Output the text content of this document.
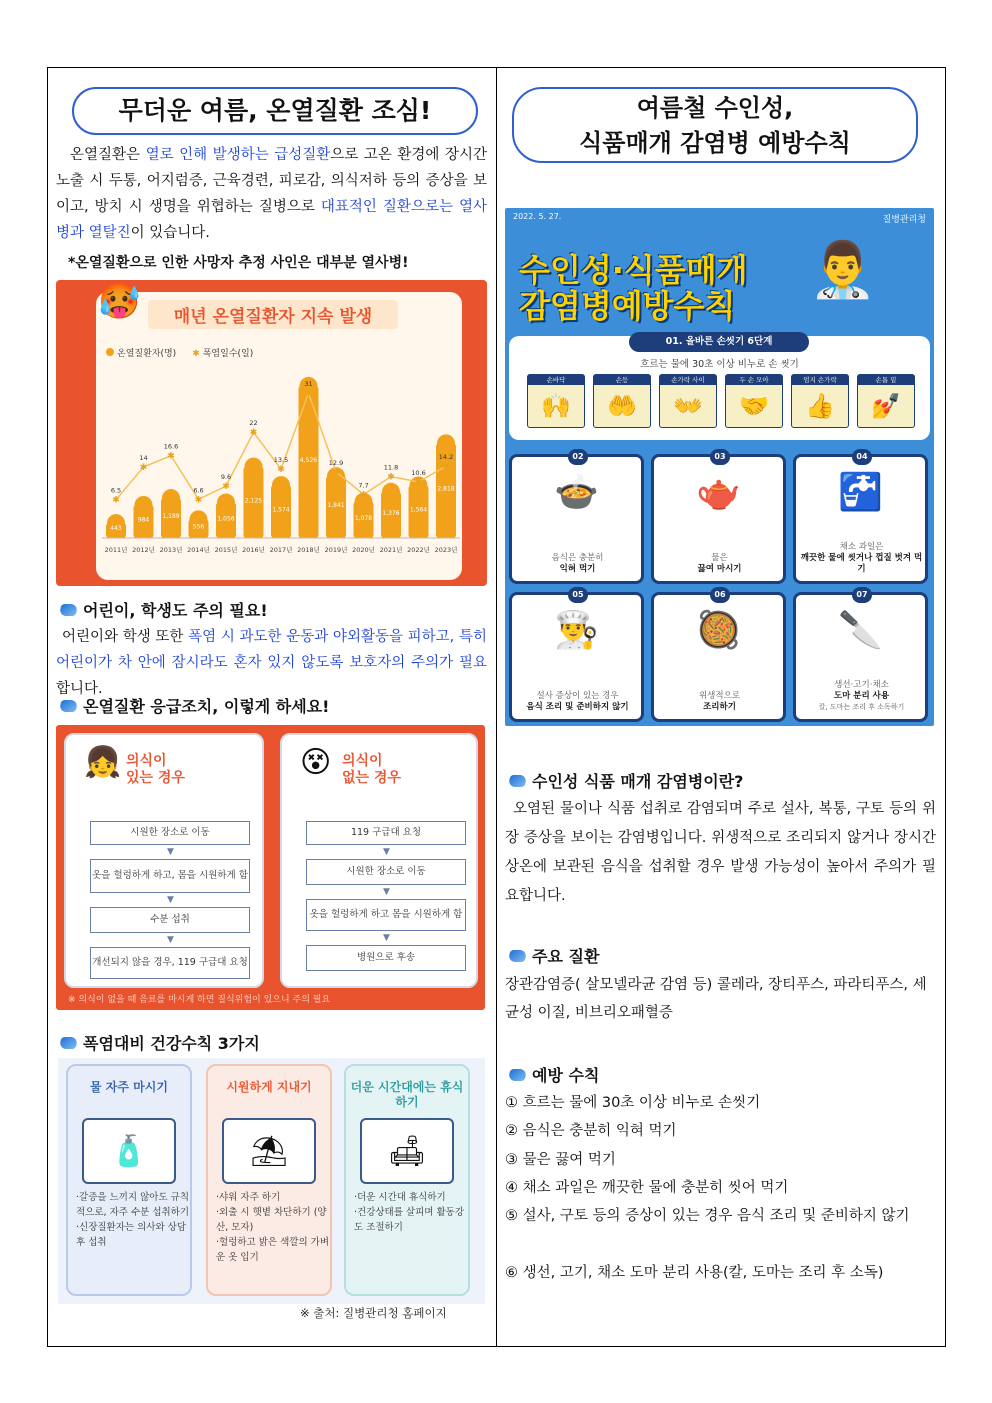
무더운 여름, 온열질환 조심!
온열질환은 열로 인해 발생하는 급성질환으로 고온 환경에 장시간 노출 시 두통, 어지럼증, 근육경련, 피로감, 의식저하 등의 증상을 보이고, 방치 시 생명을 위협하는 질병으로 대표적인 질환으로는 열사병과 열탈진이 있습니다.
*온열질환으로 인한 사망자 추정 사인은 대부분 열사병!
🥵	매년 온열질환자 지속 발생
온열질환자(명)
✱	폭염일수(일)
443
2011년
984
2012년
1,189
2013년
556
2014년
1,056
2015년
2,125
2016년
1,574
2017년
4,526
2018년
1,841
2019년
1,078
2020년
1,376
2021년
1,564
2022년
2,818
2023년
✱
6.5
✱
14 ✱
16.6
✱
6.6 ✱
9.6
✱
22
✱
13.5
✱
31
✱
12.9
✱
7.7
✱
11.8
✱
10.6
✱
14.2
어린이, 학생도 주의 필요!
어린이와 학생 또한 폭염 시 과도한 운동과 야외활동을 피하고, 특히 어린이가 차 안에 잠시라도 혼자 있지 않도록 보호자의 주의가 필요합니다.
온열질환 응급조치, 이렇게 하세요!
👧 의식이
있는 경우
시원한 장소로 이동
▼
옷을 헐렁하게 하고, 몸을 시원하게 함
▼
수분 섭취
▼
개선되지 않을 경우, 119 구급대 요청
😵 의식이
없는 경우
119 구급대 요청
▼
시원한 장소로 이동
▼
옷을 헐렁하게 하고 몸을 시원하게 함
▼
병원으로 후송
※ 의식이 없을 때 음료를 마시게 하면 질식위험이 있으니 주의 필요
폭염대비 건강수칙 3가지
물 자주 마시기
🧴
·갈증을 느끼지 않아도 규칙적으로, 자주 수분 섭취하기
·신장질환자는 의사와 상담 후 섭취
시원하게 지내기
⛱
·샤워 자주 하기
·외출 시 햇볕 차단하기 (양산, 모자)
·헐렁하고 밝은 색깔의 가벼운 옷 입기
더운 시간대에는 휴식하기
🛋
·더운 시간대 휴식하기
·건강상태를 살피며 활동강도 조절하기
※ 출처: 질병관리청 홈페이지
여름철 수인성,
식품매개 감염병 예방수칙
2022. 5. 27.	질병관리청
수인성·식품매개
감염병예방수칙
👨‍⚕️
01. 올바른 손씻기 6단계
흐르는 물에 30초 이상 비누로 손 씻기
손바닥
🙌
손등
🤲
손가락 사이
👐
두 손 모아
🤝
엄지 손가락
👍
손톱 밑
💅
02
🍲
음식은 충분히
익혀 먹기
03
🫖
물은
끓여 마시기
04
🚰
채소 과일은
깨끗한 물에 씻거나 껍질 벗겨 먹기
05
👨‍🍳
설사 증상이 있는 경우
음식 조리 및 준비하지 않기
06
🥘
위생적으로
조리하기
07
🔪
생선·고기·채소
도마 분리 사용
칼, 도마는 조리 후 소독하기
수인성 식품 매개 감염병이란?
오염된 물이나 식품 섭취로 감염되며 주로 설사, 복통, 구토 등의 위장 증상을 보이는 감염병입니다. 위생적으로 조리되지 않거나 장시간 상온에 보관된 음식을 섭취할 경우 발생 가능성이 높아서 주의가 필요합니다.
주요 질환
장관감염증( 살모넬라균 감염 등) 콜레라, 장티푸스, 파라티푸스, 세균성 이질, 비브리오패혈증
예방 수칙
① 흐르는 물에 30초 이상 비누로 손씻기
② 음식은 충분히 익혀 먹기
③ 물은 끓여 먹기
④ 채소 과일은 깨끗한 물에 충분히 씻어 먹기
⑤ 설사, 구토 등의 증상이 있는 경우 음식 조리 및 준비하지 않기
⑥ 생선, 고기, 채소 도마 분리 사용(칼, 도마는 조리 후 소독)
